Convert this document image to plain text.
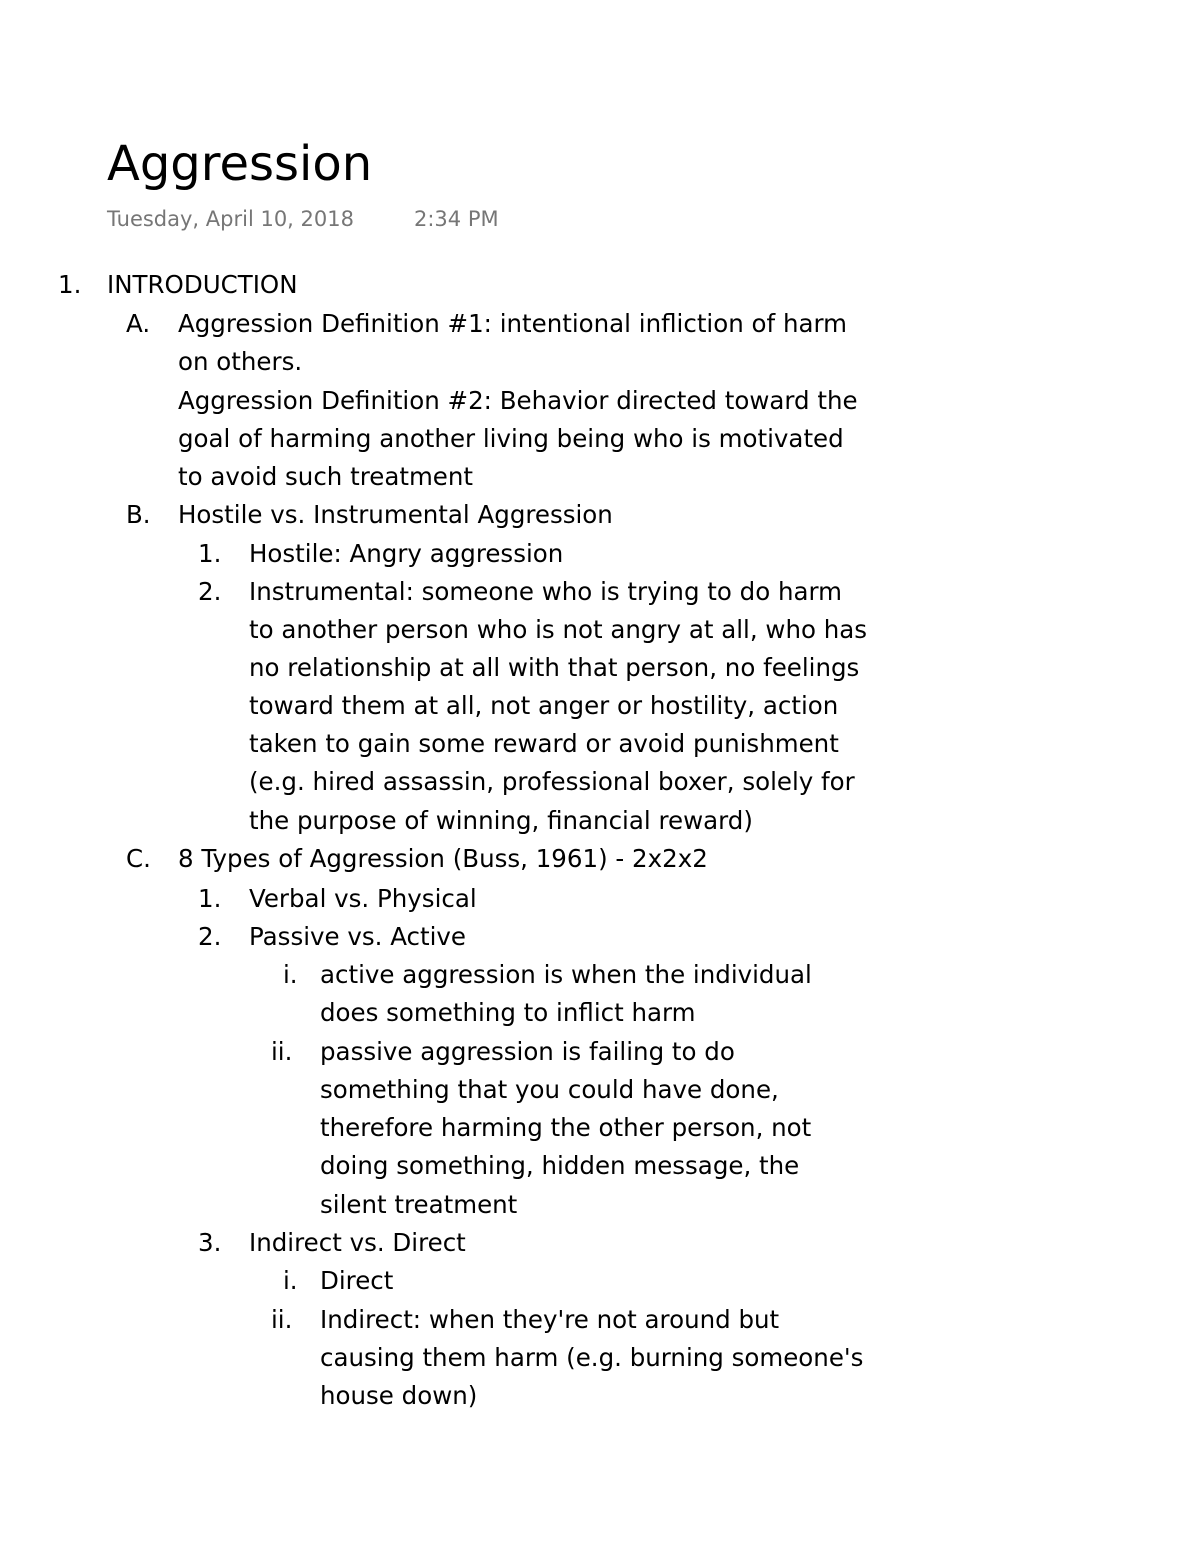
Aggression
Tuesday, April 10, 2018	2:34 PM
1. INTRODUCTION
A. Aggression Definition #1: intentional infliction of harm
on others.
Aggression Definition #2: Behavior directed toward the
goal of harming another living being who is motivated
to avoid such treatment
B. Hostile vs. Instrumental Aggression
1. Hostile: Angry aggression
2. Instrumental: someone who is trying to do harm
to another person who is not angry at all, who has
no relationship at all with that person, no feelings
toward them at all, not anger or hostility, action
taken to gain some reward or avoid punishment
(e.g. hired assassin, professional boxer, solely for
the purpose of winning, financial reward)
C. 8 Types of Aggression (Buss, 1961) - 2x2x2
1. Verbal vs. Physical
2. Passive vs. Active
i. active aggression is when the individual
does something to inflict harm
ii. passive aggression is failing to do
something that you could have done,
therefore harming the other person, not
doing something, hidden message, the
silent treatment
3. Indirect vs. Direct
i. Direct
ii. Indirect: when they're not around but
causing them harm (e.g. burning someone's
house down)
